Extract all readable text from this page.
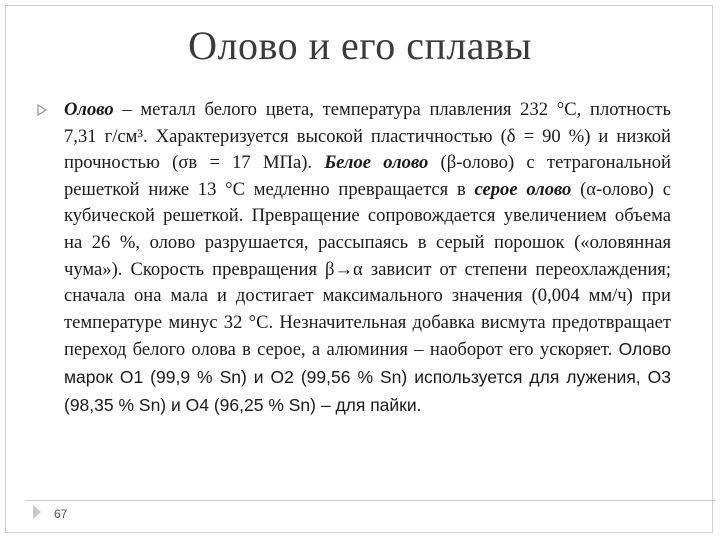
Олово и его сплавы
Олово – металл белого цвета, температура плавления 232 °С, плотность 7,31 г/см³. Характеризуется высокой пластичностью (δ = 90 %) и низкой прочностью (σв = 17 МПа). Белое олово (β-олово) с тетрагональной решеткой ниже 13 °С медленно превращается в серое олово (α-олово) с кубической решеткой. Превращение сопровождается увеличением объема на 26 %, олово разрушается, рассыпаясь в серый порошок («оловянная чума»). Скорость превращения β→α зависит от степени переохлаждения; сначала она мала и достигает максимального значения (0,004 мм/ч) при температуре минус 32 °С. Незначительная добавка висмута предотвращает переход белого олова в серое, а алюминия – наоборот его ускоряет. Олово марок О1 (99,9 % Sn) и О2 (99,56 % Sn) используется для лужения, О3 (98,35 % Sn) и О4 (96,25 % Sn) – для пайки.
67
